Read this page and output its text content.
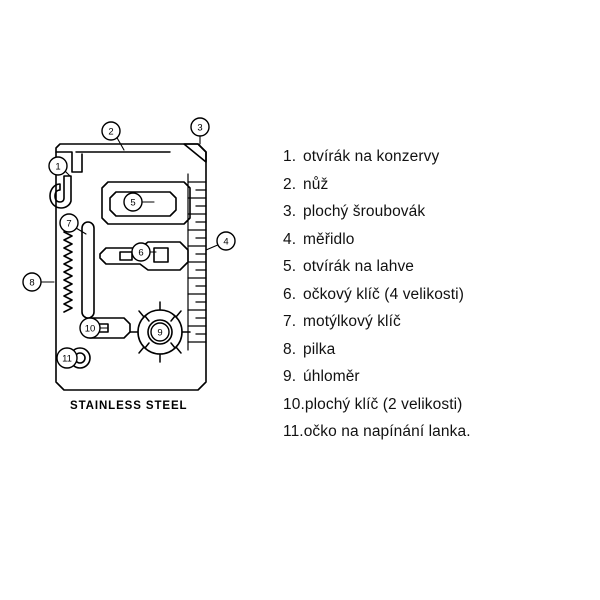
1
2	3
4
5
6
7
8
9
10
11
STAINLESS STEEL
1. otvírák na konzervy
2. nůž
3. plochý šroubovák
4. měřidlo
5. otvírák na lahve
6. očkový klíč (4 velikosti)
7. motýlkový klíč
8. pilka
9. úhloměr
10.plochý klíč (2 velikosti)
11.očko na napínání lanka.
